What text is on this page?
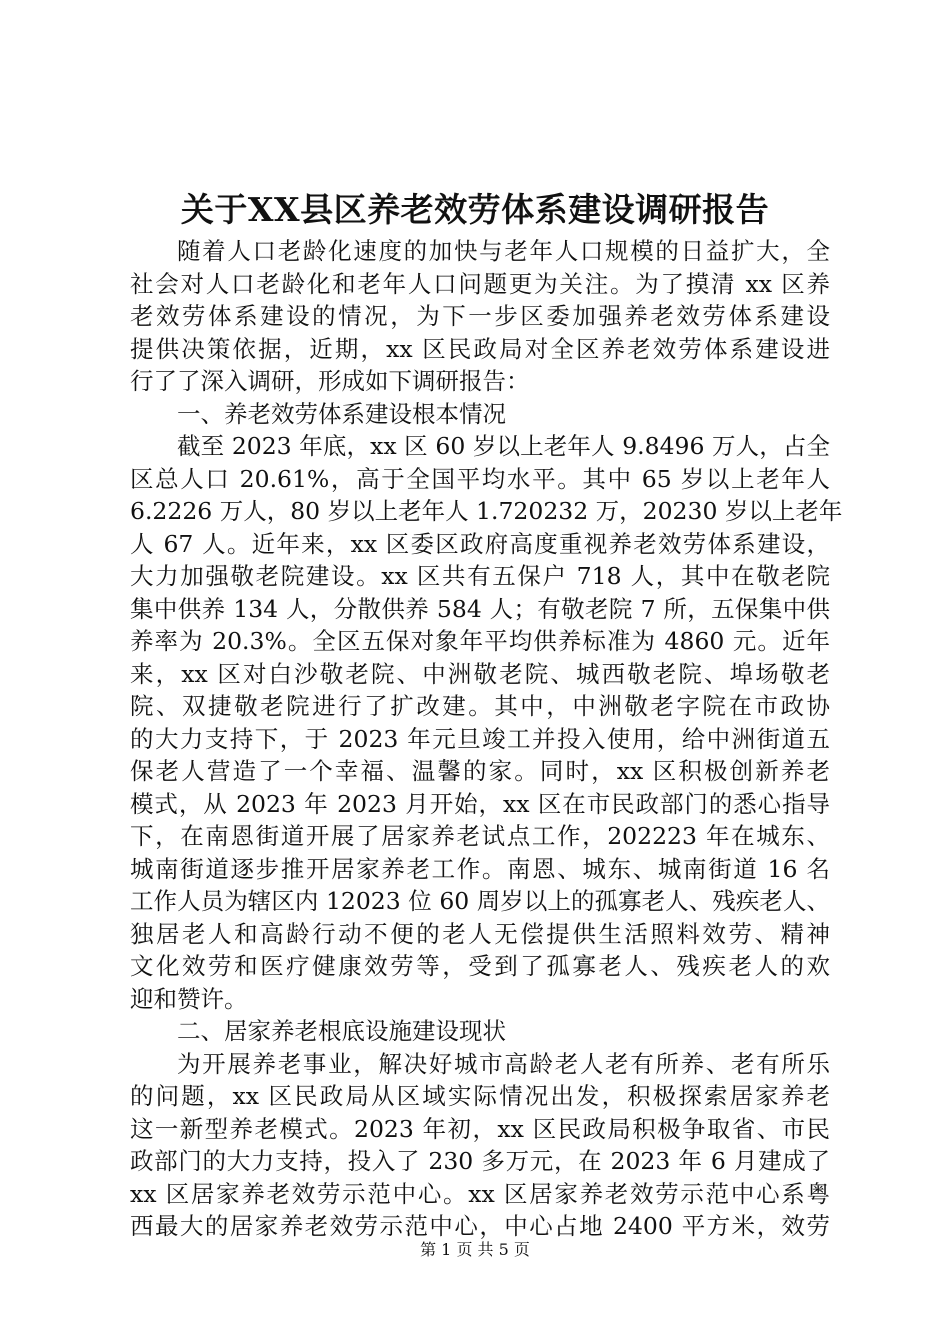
关于XX县区养老效劳体系建设调研报告
随着人口老龄化速度的加快与老年人口规模的日益扩大，全
社会对人口老龄化和老年人口问题更为关注。为了摸清 xx 区养
老效劳体系建设的情况，为下一步区委加强养老效劳体系建设
提供决策依据，近期，xx 区民政局对全区养老效劳体系建设进
行了了深入调研，形成如下调研报告：
一、养老效劳体系建设根本情况
截至 2023 年底，xx 区 60 岁以上老年人 9.8496 万人，占全
区总人口 20.61%，高于全国平均水平。其中 65 岁以上老年人
6.2226 万人，80 岁以上老年人 1.720232 万，20230 岁以上老年
人 67 人。近年来，xx 区委区政府高度重视养老效劳体系建设，
大力加强敬老院建设。xx 区共有五保户 718 人，其中在敬老院
集中供养 134 人，分散供养 584 人；有敬老院 7 所，五保集中供
养率为 20.3%。全区五保对象年平均供养标准为 4860 元。近年
来，xx 区对白沙敬老院、中洲敬老院、城西敬老院、埠场敬老
院、双捷敬老院进行了扩改建。其中，中洲敬老字院在市政协
的大力支持下，于 2023 年元旦竣工并投入使用，给中洲街道五
保老人营造了一个幸福、温馨的家。同时，xx 区积极创新养老
模式，从 2023 年 2023 月开始，xx 区在市民政部门的悉心指导
下，在南恩街道开展了居家养老试点工作，202223 年在城东、
城南街道逐步推开居家养老工作。南恩、城东、城南街道 16 名
工作人员为辖区内 12023 位 60 周岁以上的孤寡老人、残疾老人、
独居老人和高龄行动不便的老人无偿提供生活照料效劳、精神
文化效劳和医疗健康效劳等，受到了孤寡老人、残疾老人的欢
迎和赞许。
二、居家养老根底设施建设现状
为开展养老事业，解决好城市高龄老人老有所养、老有所乐
的问题，xx 区民政局从区域实际情况出发，积极探索居家养老
这一新型养老模式。2023 年初，xx 区民政局积极争取省、市民
政部门的大力支持，投入了 230 多万元，在 2023 年 6 月建成了
xx 区居家养老效劳示范中心。xx 区居家养老效劳示范中心系粤
西最大的居家养老效劳示范中心，中心占地 2400 平方米，效劳
第 1 页 共 5 页
